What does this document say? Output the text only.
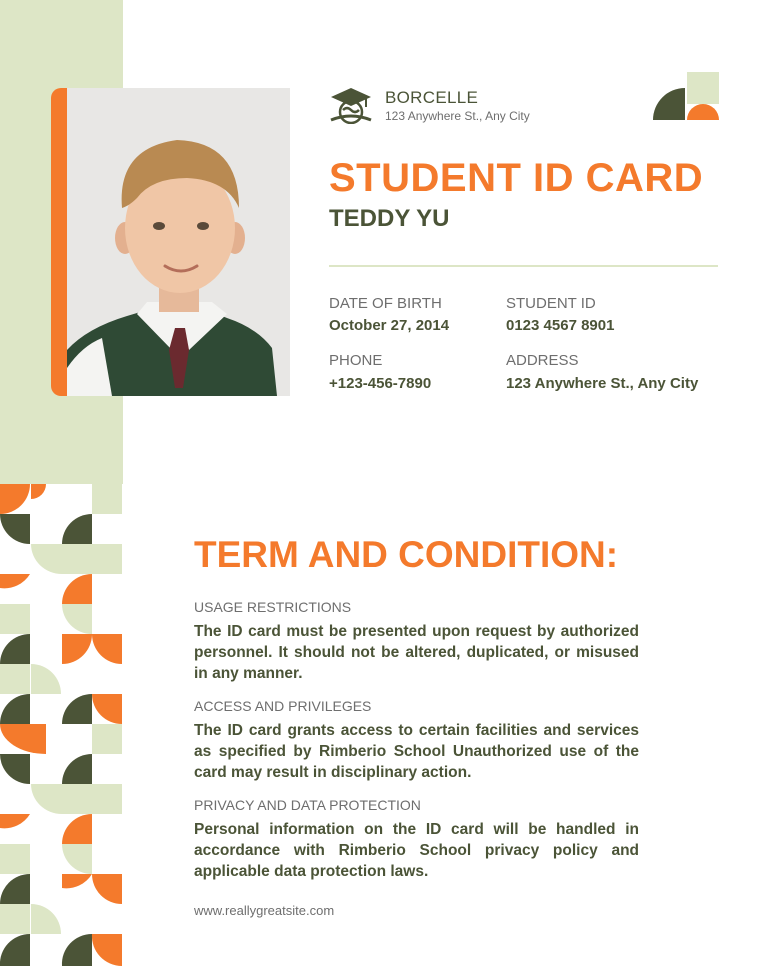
BORCELLE
123 Anywhere St., Any City
STUDENT ID CARD
TEDDY YU
DATE OF BIRTH
October 27, 2014
STUDENT ID
0123 4567 8901
PHONE
+123-456-7890
ADDRESS
123 Anywhere St., Any City
TERM AND CONDITION:
USAGE RESTRICTIONS
The ID card must be presented upon request by authorized personnel. It should not be altered, duplicated, or misused in any manner.
ACCESS AND PRIVILEGES
The ID card grants access to certain facilities and services as specified by Rimberio School Unauthorized use of the card may result in disciplinary action.
PRIVACY AND DATA PROTECTION
Personal information on the ID card will be handled in accordance with Rimberio School privacy policy and applicable data protection laws.
www.reallygreatsite.com
